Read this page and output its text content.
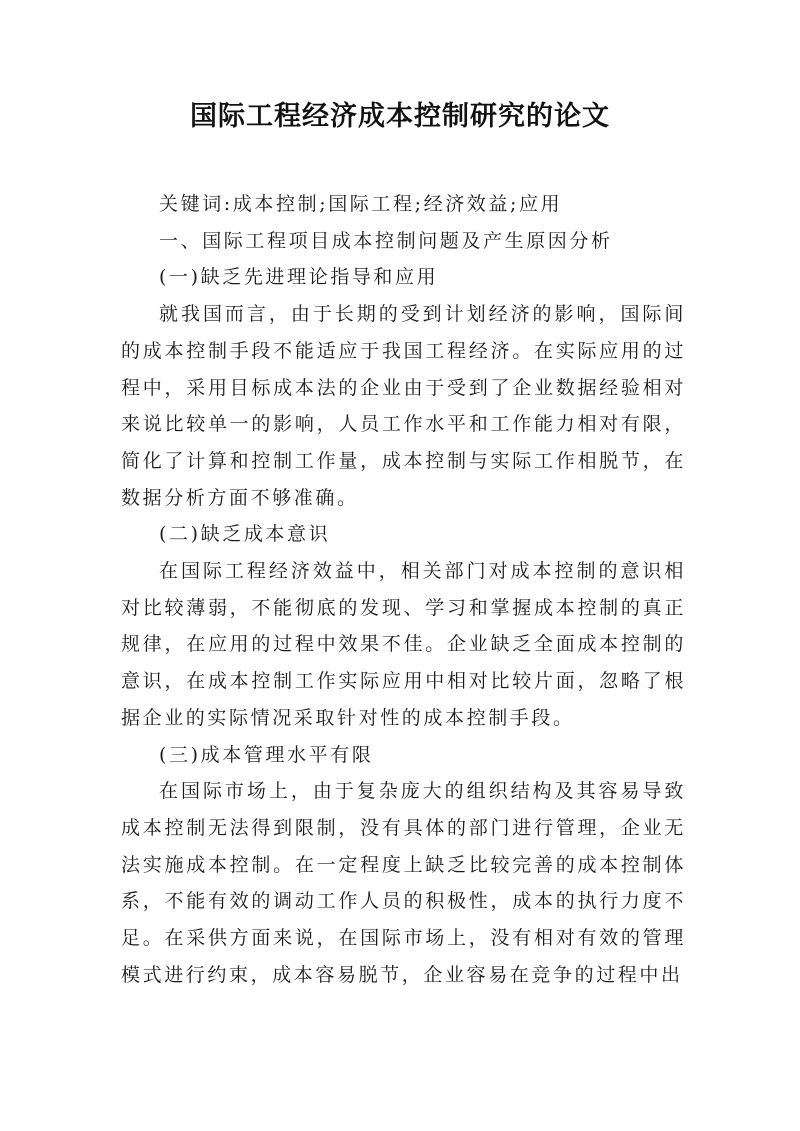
国际工程经济成本控制研究的论文

关键词:成本控制;国际工程;经济效益;应用

一、国际工程项目成本控制问题及产生原因分析

(一)缺乏先进理论指导和应用

就我国而言，由于长期的受到计划经济的影响，国际间的成本控制手段不能适应于我国工程经济。在实际应用的过程中，采用目标成本法的企业由于受到了企业数据经验相对来说比较单一的影响，人员工作水平和工作能力相对有限，简化了计算和控制工作量，成本控制与实际工作相脱节，在数据分析方面不够准确。

(二)缺乏成本意识

在国际工程经济效益中，相关部门对成本控制的意识相对比较薄弱，不能彻底的发现、学习和掌握成本控制的真正规律，在应用的过程中效果不佳。企业缺乏全面成本控制的意识，在成本控制工作实际应用中相对比较片面，忽略了根据企业的实际情况采取针对性的成本控制手段。

(三)成本管理水平有限

在国际市场上，由于复杂庞大的组织结构及其容易导致成本控制无法得到限制，没有具体的部门进行管理，企业无法实施成本控制。在一定程度上缺乏比较完善的成本控制体系，不能有效的调动工作人员的积极性，成本的执行力度不足。在采供方面来说，在国际市场上，没有相对有效的管理模式进行约束，成本容易脱节，企业容易在竞争的过程中出
